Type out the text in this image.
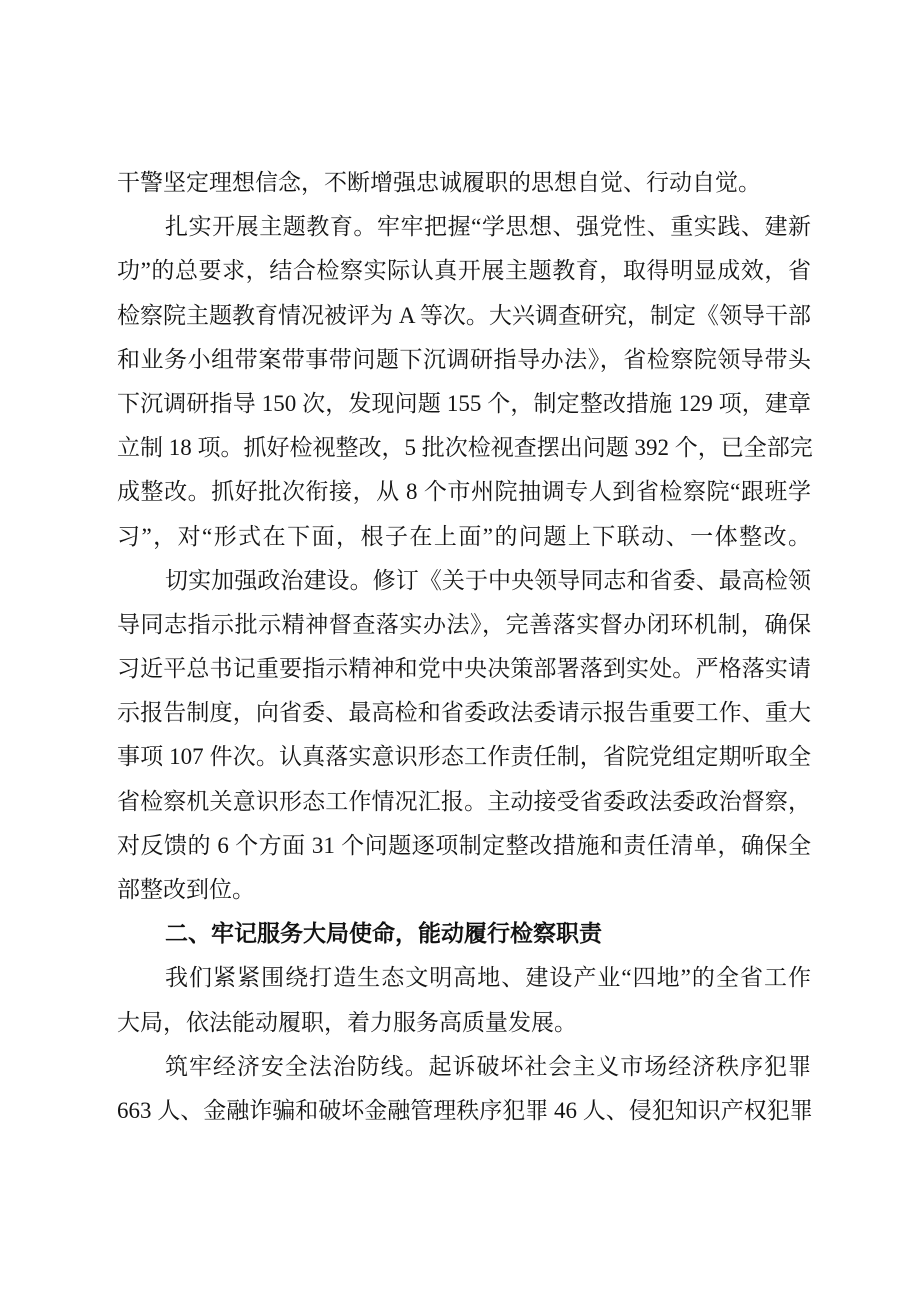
干警坚定理想信念，不断增强忠诚履职的思想自觉、行动自觉。
扎实开展主题教育。牢牢把握“学思想、强党性、重实践、建新
功”的总要求，结合检察实际认真开展主题教育，取得明显成效，省
检察院主题教育情况被评为 A 等次。大兴调查研究，制定《领导干部
和业务小组带案带事带问题下沉调研指导办法》，省检察院领导带头
下沉调研指导 150 次，发现问题 155 个，制定整改措施 129 项，建章
立制 18 项。抓好检视整改，5 批次检视查摆出问题 392 个，已全部完
成整改。抓好批次衔接，从 8 个市州院抽调专人到省检察院“跟班学
习”，对“形式在下面，根子在上面”的问题上下联动、一体整改。
切实加强政治建设。修订《关于中央领导同志和省委、最高检领
导同志指示批示精神督查落实办法》，完善落实督办闭环机制，确保
习近平总书记重要指示精神和党中央决策部署落到实处。严格落实请
示报告制度，向省委、最高检和省委政法委请示报告重要工作、重大
事项 107 件次。认真落实意识形态工作责任制，省院党组定期听取全
省检察机关意识形态工作情况汇报。主动接受省委政法委政治督察，
对反馈的 6 个方面 31 个问题逐项制定整改措施和责任清单，确保全
部整改到位。
二、牢记服务大局使命，能动履行检察职责
我们紧紧围绕打造生态文明高地、建设产业“四地”的全省工作
大局，依法能动履职，着力服务高质量发展。
筑牢经济安全法治防线。起诉破坏社会主义市场经济秩序犯罪
663 人、金融诈骗和破坏金融管理秩序犯罪 46 人、侵犯知识产权犯罪
